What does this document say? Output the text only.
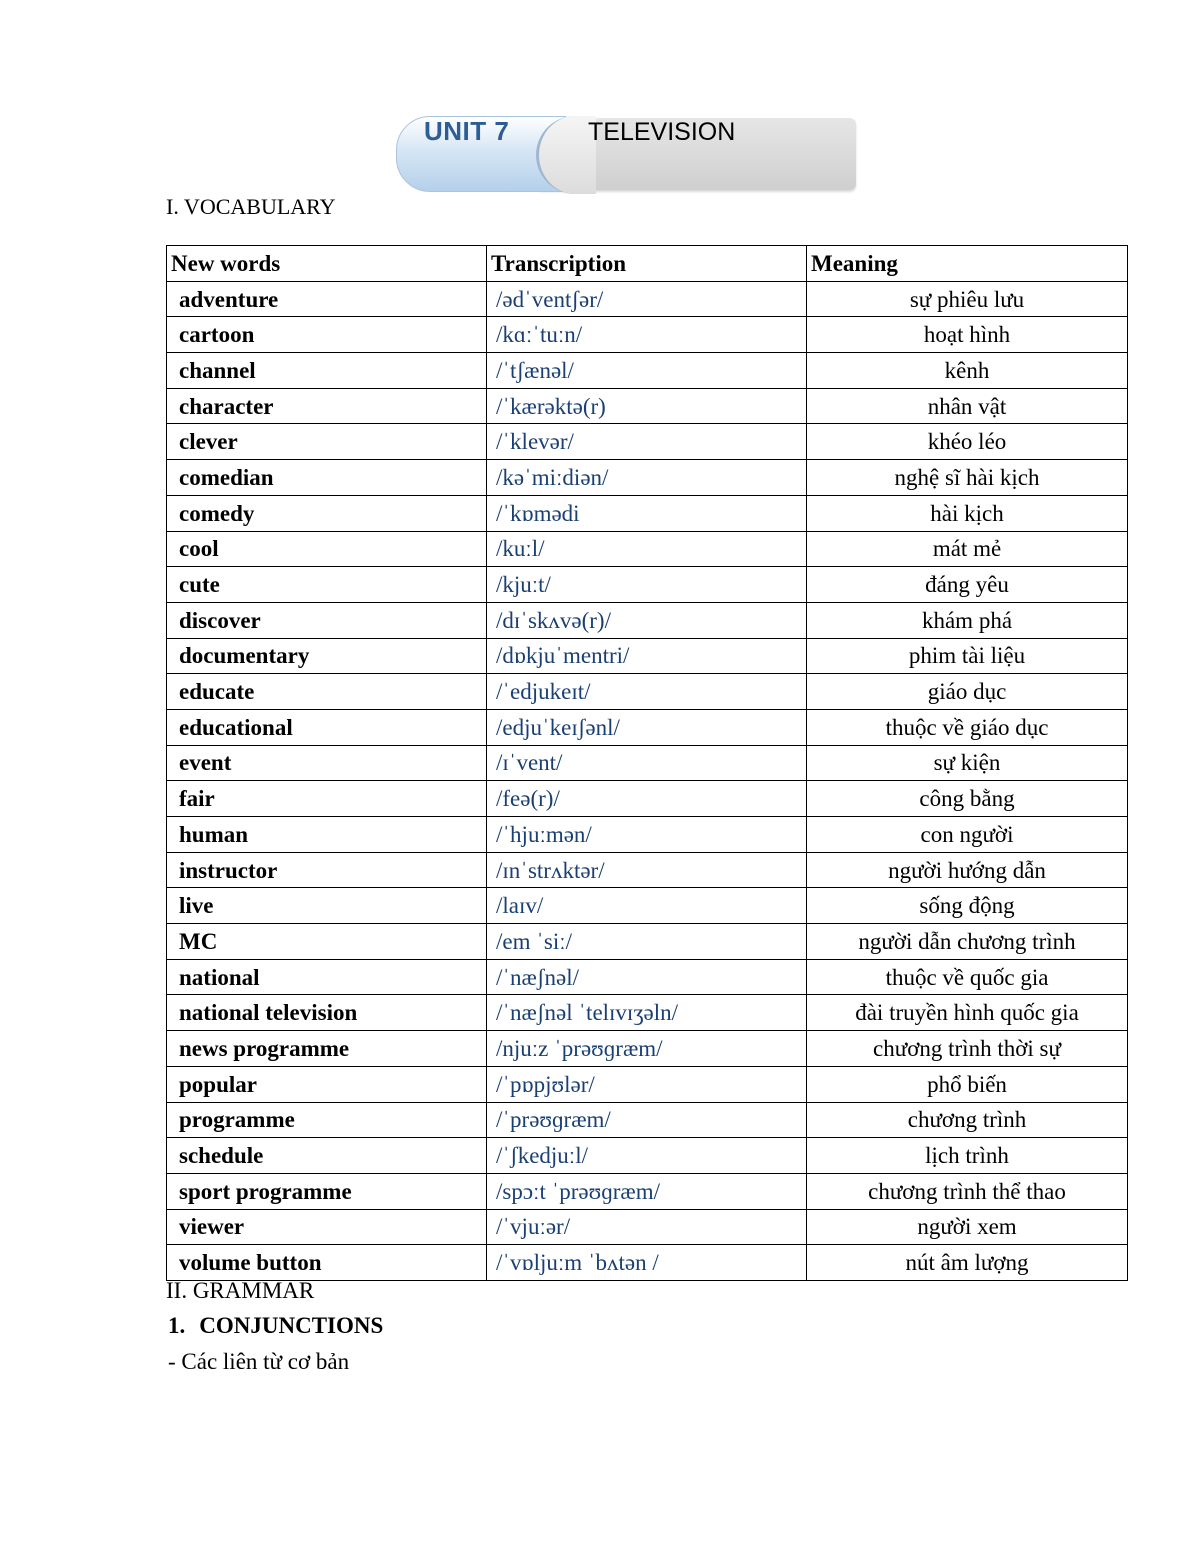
UNIT 7	TELEVISION
I. VOCABULARY
New words	Transcription	Meaning
adventure	/ədˈventʃər/	sự phiêu lưu
cartoon	/kɑːˈtuːn/	hoạt hình
channel	/ˈtʃænəl/	kênh
character	/ˈkærəktə(r)	nhân vật
clever	/ˈklevər/	khéo léo
comedian	/kəˈmiːdiən/	nghệ sĩ hài kịch
comedy	/ˈkɒmədi	hài kịch
cool	/kuːl/	mát mẻ
cute	/kjuːt/	đáng yêu
discover	/dɪˈskʌvə(r)/	khám phá
documentary	/dɒkjuˈmentri/	phim tài liệu
educate	/ˈedjukeɪt/	giáo dục
educational	/edjuˈkeɪʃənl/	thuộc về giáo dục
event	/ɪˈvent/	sự kiện
fair	/feə(r)/	công bằng
human	/ˈhjuːmən/	con người
instructor	/ɪnˈstrʌktər/	người hướng dẫn
live	/laɪv/	sống động
MC	/em ˈsiː/	người dẫn chương trình
national	/ˈnæʃnəl/	thuộc về quốc gia
national television	/ˈnæʃnəl ˈtelɪvɪʒəln/	đài truyền hình quốc gia
news programme	/njuːz ˈprəʊɡræm/	chương trình thời sự
popular	/ˈpɒpjʊlər/	phổ biến
programme	/ˈprəʊɡræm/	chương trình
schedule	/ˈʃkedjuːl/	lịch trình
sport programme	/spɔːt ˈprəʊɡræm/	chương trình thể thao
viewer	/ˈvjuːər/	người xem
volume button	/ˈvɒljuːm ˈbʌtən /	nút âm lượng
II. GRAMMAR
1. CONJUNCTIONS
- Các liên từ cơ bản
